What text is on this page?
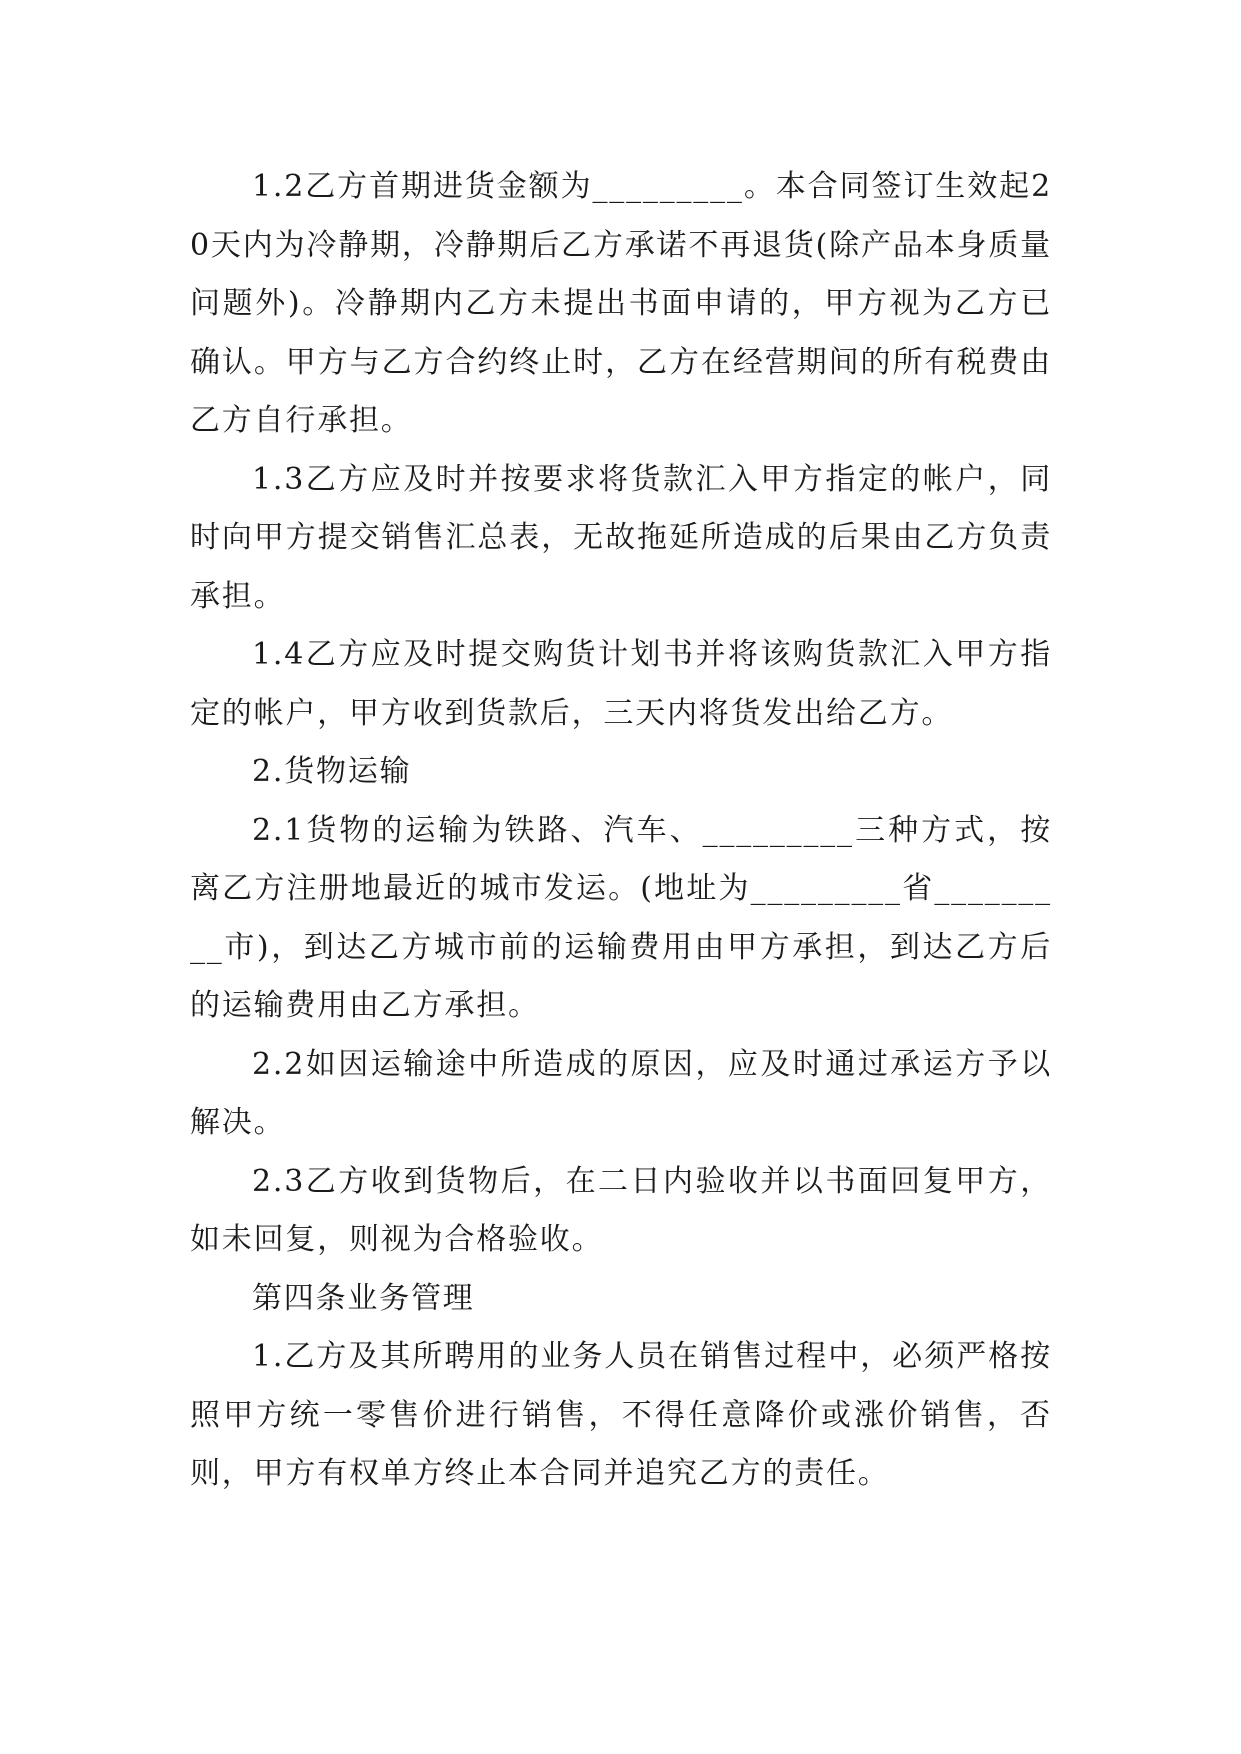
1.2乙方首期进货金额为_________。本合同签订生效起20天内为冷静期，冷静期后乙方承诺不再退货(除产品本身质量问题外)。冷静期内乙方未提出书面申请的，甲方视为乙方已确认。甲方与乙方合约终止时，乙方在经营期间的所有税费由乙方自行承担。

1.3乙方应及时并按要求将货款汇入甲方指定的帐户，同时向甲方提交销售汇总表，无故拖延所造成的后果由乙方负责承担。

1.4乙方应及时提交购货计划书并将该购货款汇入甲方指定的帐户，甲方收到货款后，三天内将货发出给乙方。

2.货物运输

2.1货物的运输为铁路、汽车、_________三种方式，按离乙方注册地最近的城市发运。(地址为_________省_________市)，到达乙方城市前的运输费用由甲方承担，到达乙方后的运输费用由乙方承担。

2.2如因运输途中所造成的原因，应及时通过承运方予以解决。

2.3乙方收到货物后，在二日内验收并以书面回复甲方，如未回复，则视为合格验收。

第四条业务管理

1.乙方及其所聘用的业务人员在销售过程中，必须严格按照甲方统一零售价进行销售，不得任意降价或涨价销售，否则，甲方有权单方终止本合同并追究乙方的责任。
